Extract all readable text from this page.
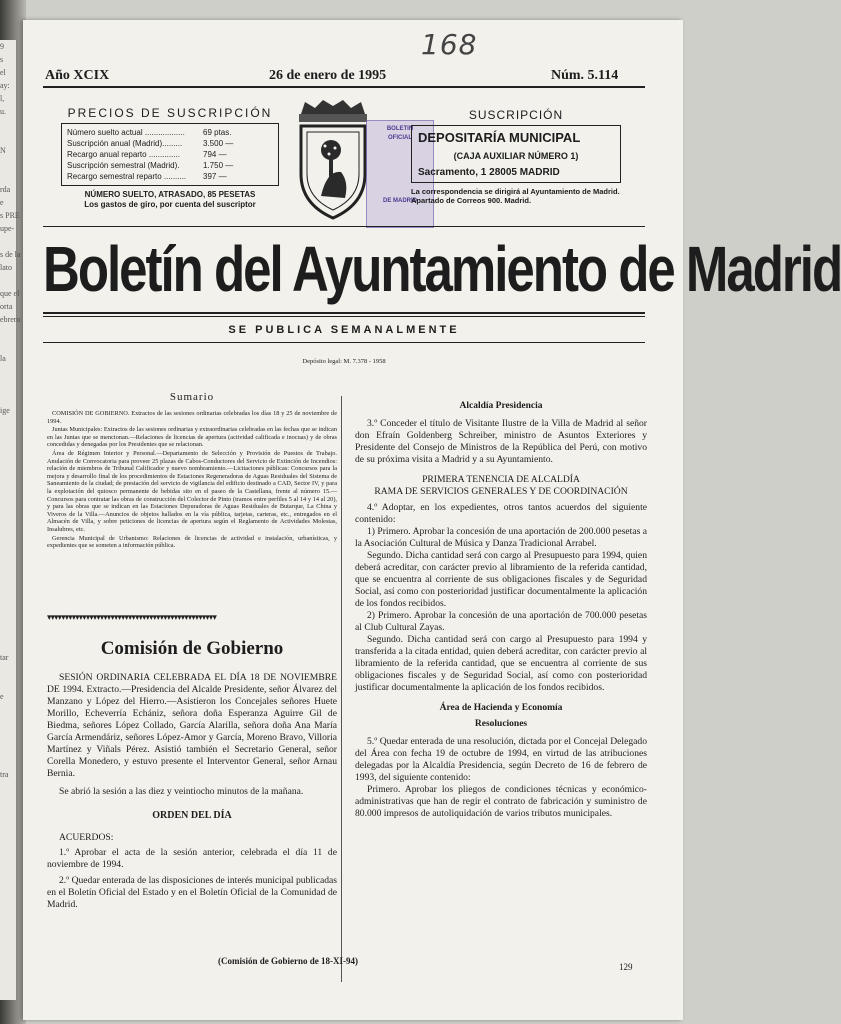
9
s
el
ay:
l,
u.

N

rda
e
s PRE
upe-

s de la
lato

que el
orta
ebrero

la

ige

tar

e

tra

168
Año XCIX	26 de enero de 1995	Núm. 5.114
PRECIOS DE SUSCRIPCIÓN
Número suelto actual ..................	69 ptas.
Suscripción anual (Madrid).........	3.500 —
Recargo anual reparto ..............	794 —
Suscripción semestral (Madrid).	1.750 —
Recargo semestral reparto ..........	397 —
NÚMERO SUELTO, ATRASADO, 85 PESETAS
Los gastos de giro, por cuenta del suscriptor
BOLETIN
OFICIAL

DE MADRID
SUSCRIPCIÓN
DEPOSITARÍA MUNICIPAL
(CAJA AUXILIAR NÚMERO 1)
Sacramento, 1 28005 MADRID
La correspondencia se dirigirá al Ayuntamiento de Madrid. Apartado de Correos 900. Madrid.
Boletín del Ayuntamiento de Madrid
SE PUBLICA SEMANALMENTE
Depósito legal: M. 7.378 - 1958
Sumario

COMISIÓN DE GOBIERNO. Extractos de las sesiones ordinarias celebradas los días 18 y 25 de noviembre de 1994.

Juntas Municipales: Extractos de las sesiones ordinarias y extraordinarias celebradas en las fechas que se indican en las Juntas que se mencionan.—Relaciones de licencias de apertura (actividad calificada e inocuas) y de obras concedidas y denegadas por los Presidentes que se relacionan.

Área de Régimen Interior y Personal.—Departamento de Selección y Provisión de Puestos de Trabajo. Anulación de Convocatoria para proveer 25 plazas de Cabos-Conductores del Servicio de Extinción de Incendios: relación de miembros de Tribunal Calificador y nuevo nombramiento.—Licitaciones públicas: Concursos para la mejora y desarrollo final de los procedimientos de Estaciones Regeneradoras de Aguas Residuales del Sistema de Saneamiento de la ciudad; de prestación del servicio de vigilancia del edificio destinado a CAD, Sector IV, y para la explotación del quiosco permanente de bebidas sito en el paseo de la Castellana, frente al número 15.—Concursos para contratar las obras de construcción del Colector de Pinto (tramos entre perfiles 5 al 14 y 14 al 20), y para las obras que se indican en las Estaciones Depuradoras de Aguas Residuales de Butarque, La China y Viveros de la Villa.—Anuncios de objetos hallados en la vía pública, tarjetas, carteras, etc., entregados en el Almacén de Villa, y sobre peticiones de licencias de apertura según el Reglamento de Actividades Molestas, Insalubres, etc.

Gerencia Municipal de Urbanismo: Relaciones de licencias de actividad e instalación, urbanísticas, y expedientes que se someten a información pública.

▾▾▾▾▾▾▾▾▾▾▾▾▾▾▾▾▾▾▾▾▾▾▾▾▾▾▾▾▾▾▾▾▾▾▾▾▾▾▾▾▾▾▾▾▾▾▾▾
Comisión de Gobierno

SESIÓN ORDINARIA CELEBRADA EL DÍA 18 DE NOVIEMBRE DE 1994. Extracto.—Presidencia del Alcalde Presidente, señor Álvarez del Manzano y López del Hierro.—Asistieron los Concejales señores Huete Morillo, Echeverría Echániz, señora doña Esperanza Aguirre Gil de Biedma, señores López Collado, García Alarilla, señora doña Ana María García Armendáriz, señores López-Amor y García, Moreno Bravo, Villoria Martínez y Viñals Pérez. Asistió también el Secretario General, señor Corella Monedero, y estuvo presente el Interventor General, señor Arnau Bernia.

Se abrió la sesión a las diez y veintiocho minutos de la mañana.

ORDEN DEL DÍA

ACUERDOS:

1.º Aprobar el acta de la sesión anterior, celebrada el día 11 de noviembre de 1994.

2.º Quedar enterada de las disposiciones de interés municipal publicadas en el Boletín Oficial del Estado y en el Boletín Oficial de la Comunidad de Madrid.

Alcaldía Presidencia

3.º Conceder el título de Visitante Ilustre de la Villa de Madrid al señor don Efraín Goldenberg Schreiber, ministro de Asuntos Exteriores y Presidente del Consejo de Ministros de la República del Perú, con motivo de su próxima visita a Madrid y a su Ayuntamiento.

PRIMERA TENENCIA DE ALCALDÍA

RAMA DE SERVICIOS GENERALES Y DE COORDINACIÓN

4.º Adoptar, en los expedientes, otros tantos acuerdos del siguiente contenido:

1) Primero. Aprobar la concesión de una aportación de 200.000 pesetas a la Asociación Cultural de Música y Danza Tradicional Arrabel.

Segundo. Dicha cantidad será con cargo al Presupuesto para 1994, quien deberá acreditar, con carácter previo al libramiento de la referida cantidad, que se encuentra al corriente de sus obligaciones fiscales y de Seguridad Social, así como con posterioridad justificar documentalmente la aplicación de los fondos recibidos.

2) Primero. Aprobar la concesión de una aportación de 700.000 pesetas al Club Cultural Zayas.

Segundo. Dicha cantidad será con cargo al Presupuesto para 1994 y transferida a la citada entidad, quien deberá acreditar, con carácter previo al libramiento de la referida cantidad, que se encuentra al corriente de sus obligaciones fiscales y de Seguridad Social, así como con posterioridad justificar documentalmente la aplicación de los fondos recibidos.

Área de Hacienda y Economía

Resoluciones

5.º Quedar enterada de una resolución, dictada por el Concejal Delegado del Área con fecha 19 de octubre de 1994, en virtud de las atribuciones delegadas por la Alcaldía Presidencia, según Decreto de 16 de febrero de 1993, del siguiente contenido:

Primero. Aprobar los pliegos de condiciones técnicas y económico-administrativas que han de regir el contrato de fabricación y suministro de 80.000 impresos de autoliquidación de varios tributos municipales.

(Comisión de Gobierno de 18-XI-94)
129
